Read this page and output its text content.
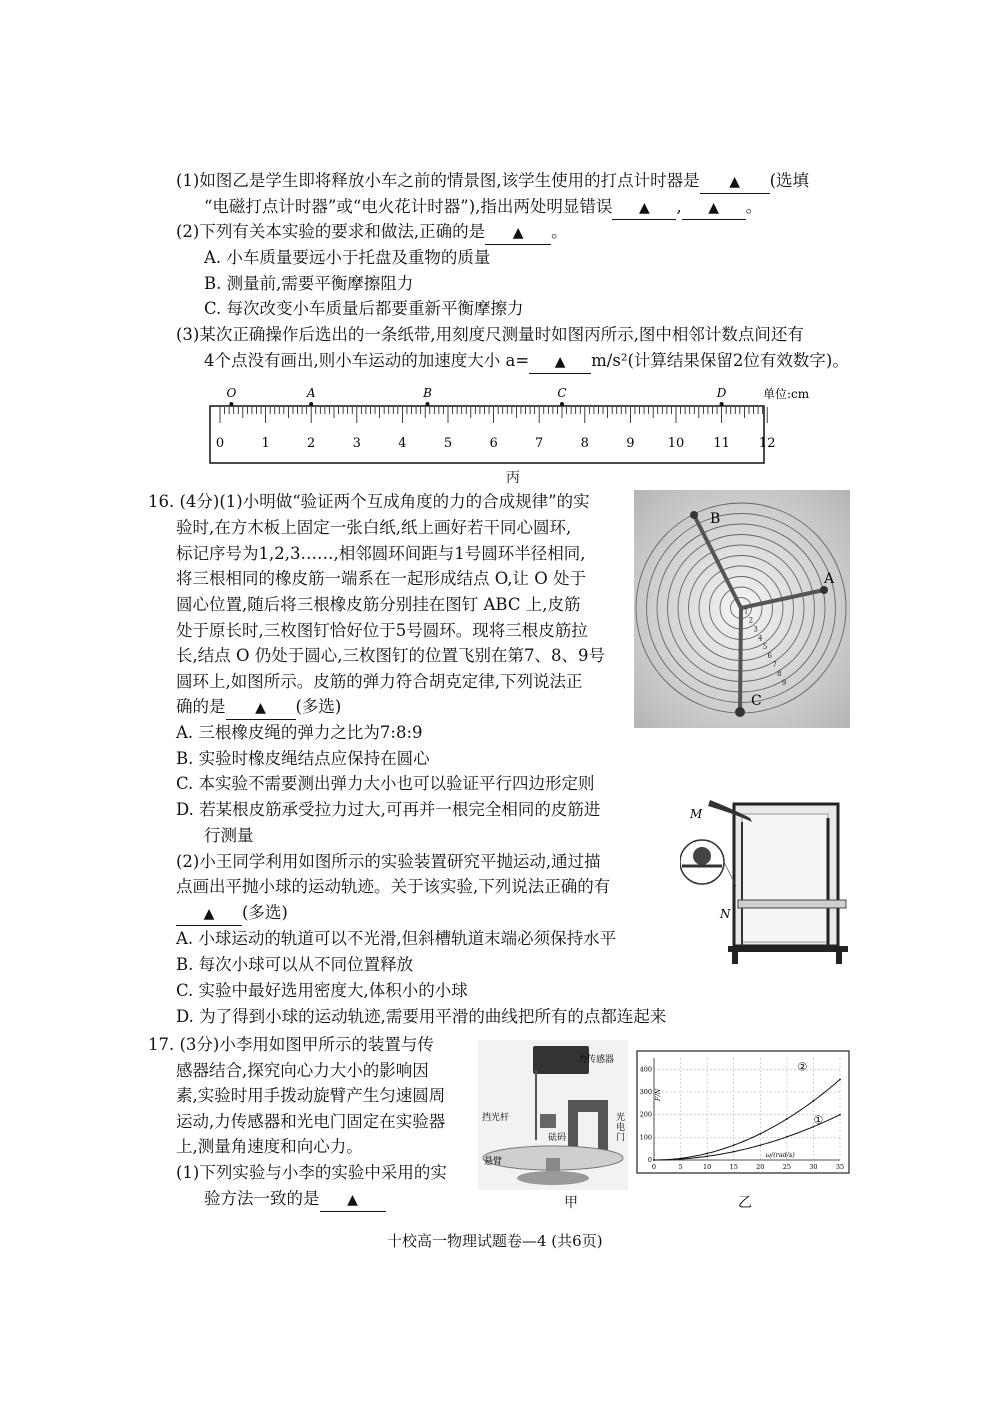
(1)如图乙是学生即将释放小车之前的情景图,该学生使用的打点计时器是 ▲ (选填
“电磁打点计时器”或“电火花计时器”),指出两处明显错误 ▲ , ▲ 。
(2)下列有关本实验的要求和做法,正确的是 ▲ 。
A. 小车质量要远小于托盘及重物的质量
B. 测量前,需要平衡摩擦阻力
C. 每次改变小车质量后都要重新平衡摩擦力
(3)某次正确操作后选出的一条纸带,用刻度尺测量时如图丙所示,图中相邻计数点间还有
4个点没有画出,则小车运动的加速度大小 a= ▲ m/s²(计算结果保留2位有效数字)。
0	1	2	3	4	5	6	7	8	9	10 11 12
O	A	B	C	D	单位:cm
丙
16. (4分)(1)小明做“验证两个互成角度的力的合成规律”的实
验时,在方木板上固定一张白纸,纸上画好若干同心圆环,
标记序号为1,2,3……,相邻圆环间距与1号圆环半径相同,
将三根相同的橡皮筋一端系在一起形成结点 O,让 O 处于
圆心位置,随后将三根橡皮筋分别挂在图钉 ABC 上,皮筋
处于原长时,三枚图钉恰好位于5号圆环。现将三根皮筋拉
长,结点 O 仍处于圆心,三枚图钉的位置飞别在第7、8、9号
圆环上,如图所示。皮筋的弹力符合胡克定律,下列说法正
确的是 ▲ (多选)
A. 三根橡皮绳的弹力之比为7:8:9
B. 实验时橡皮绳结点应保持在圆心
C. 本实验不需要测出弹力大小也可以验证平行四边形定则
D. 若某根皮筋承受拉力过大,可再并一根完全相同的皮筋进
行测量
(2)小王同学利用如图所示的实验装置研究平抛运动,通过描
点画出平抛小球的运动轨迹。关于该实验,下列说法正确的有
▲ (多选)
A. 小球运动的轨道可以不光滑,但斜槽轨道末端必须保持水平
B. 每次小球可以从不同位置释放
C. 实验中最好选用密度大,体积小的小球
D. 为了得到小球的运动轨迹,需要用平滑的曲线把所有的点都连起来
B
A
C
1
2
3
4
5
6
7
8
9
M
N
17. (3分)小李用如图甲所示的装置与传
感器结合,探究向心力大小的影响因
素,实验时用手拨动旋臂产生匀速圆周
运动,力传感器和光电门固定在实验器
上,测量角速度和向心力。
(1)下列实验与小李的实验中采用的实
验方法一致的是 ▲
力传感器
挡光杆
砝码
光电门
悬臂
甲
0	5	10	15	20	25	30	35
0
100
200
300
400
ω/(rad/s)
F/N
①
②
乙
十校高一物理试题卷—4 (共6页)
